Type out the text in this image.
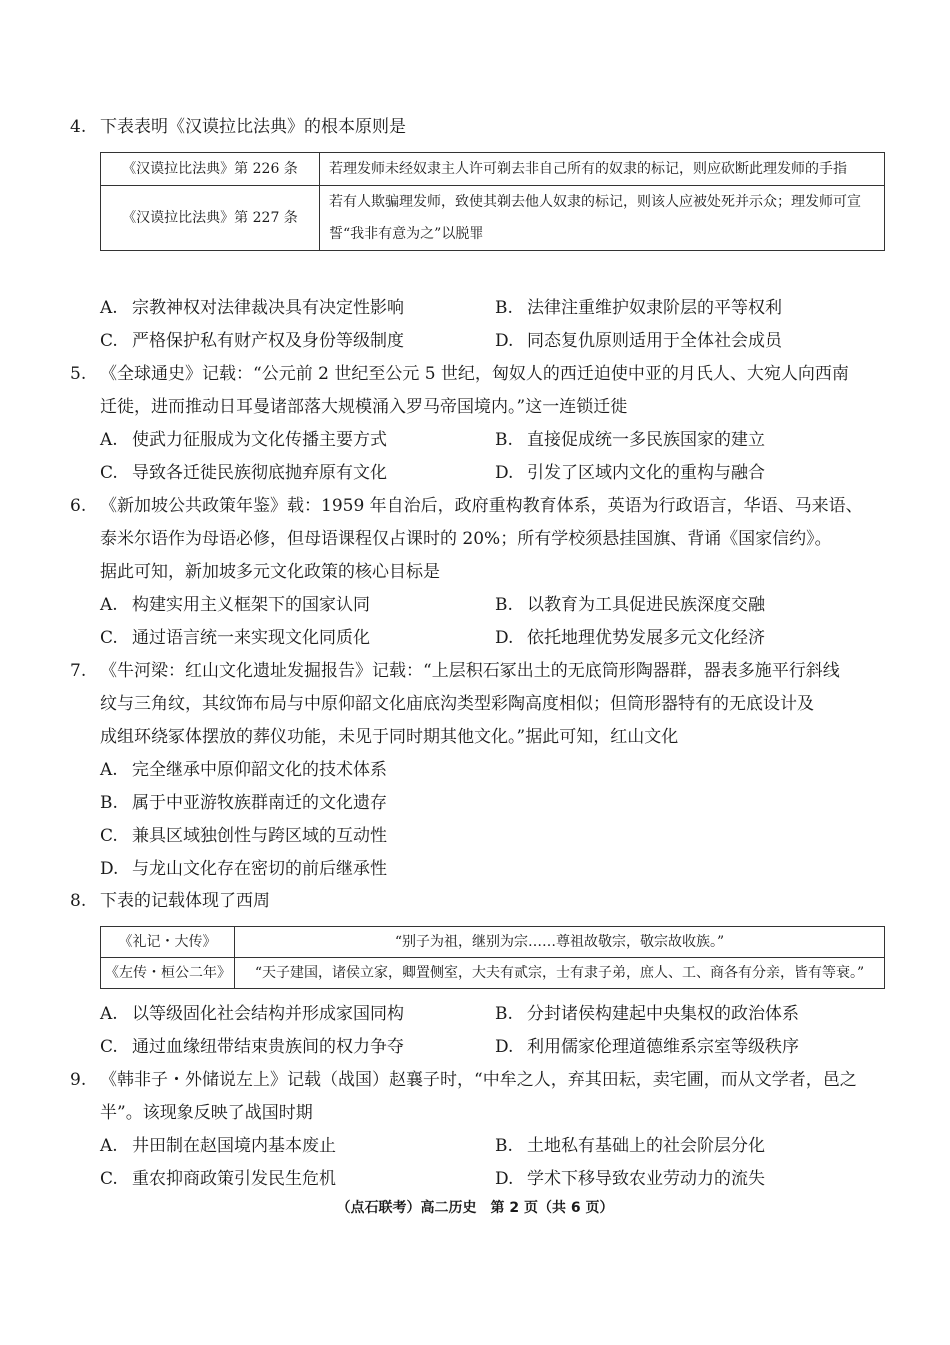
4. 下表表明《汉谟拉比法典》的根本原则是

《汉谟拉比法典》第 226 条	若理发师未经奴隶主人许可剃去非自己所有的奴隶的标记，则应砍断此理发师的手指
《汉谟拉比法典》第 227 条	若有人欺骗理发师，致使其剃去他人奴隶的标记，则该人应被处死并示众；理发师可宣誓“我非有意为之”以脱罪
A. 宗教神权对法律裁决具有决定性影响	B. 法律注重维护奴隶阶层的平等权利
C. 严格保护私有财产权及身份等级制度	D. 同态复仇原则适用于全体社会成员

5. 《全球通史》记载：“公元前 2 世纪至公元 5 世纪，匈奴人的西迁迫使中亚的月氏人、大宛人向西南
迁徙，进而推动日耳曼诸部落大规模涌入罗马帝国境内。”这一连锁迁徙

A. 使武力征服成为文化传播主要方式	B. 直接促成统一多民族国家的建立
C. 导致各迁徙民族彻底抛弃原有文化	D. 引发了区域内文化的重构与融合

6. 《新加坡公共政策年鉴》载：1959 年自治后，政府重构教育体系，英语为行政语言，华语、马来语、
泰米尔语作为母语必修，但母语课程仅占课时的 20%；所有学校须悬挂国旗、背诵《国家信约》。
据此可知，新加坡多元文化政策的核心目标是

A. 构建实用主义框架下的国家认同	B. 以教育为工具促进民族深度交融
C. 通过语言统一来实现文化同质化	D. 依托地理优势发展多元文化经济

7. 《牛河梁：红山文化遗址发掘报告》记载：“上层积石冢出土的无底筒形陶器群，器表多施平行斜线
纹与三角纹，其纹饰布局与中原仰韶文化庙底沟类型彩陶高度相似；但筒形器特有的无底设计及
成组环绕冢体摆放的葬仪功能，未见于同时期其他文化。”据此可知，红山文化

A. 完全继承中原仰韶文化的技术体系
B. 属于中亚游牧族群南迁的文化遗存
C. 兼具区域独创性与跨区域的互动性
D. 与龙山文化存在密切的前后继承性

8. 下表的记载体现了西周

《礼记・大传》	“别子为祖，继别为宗……尊祖故敬宗，敬宗故收族。”
《左传・桓公二年》	“天子建国，诸侯立家，卿置侧室，大夫有贰宗，士有隶子弟，庶人、工、商各有分亲，皆有等衰。”
A. 以等级固化社会结构并形成家国同构	B. 分封诸侯构建起中央集权的政治体系
C. 通过血缘纽带结束贵族间的权力争夺	D. 利用儒家伦理道德维系宗室等级秩序

9. 《韩非子・外储说左上》记载（战国）赵襄子时，“中牟之人，弃其田耘，卖宅圃，而从文学者，邑之
半”。该现象反映了战国时期

A. 井田制在赵国境内基本废止	B. 土地私有基础上的社会阶层分化
C. 重农抑商政策引发民生危机	D. 学术下移导致农业劳动力的流失
（点石联考）高二历史　第 2 页（共 6 页）
